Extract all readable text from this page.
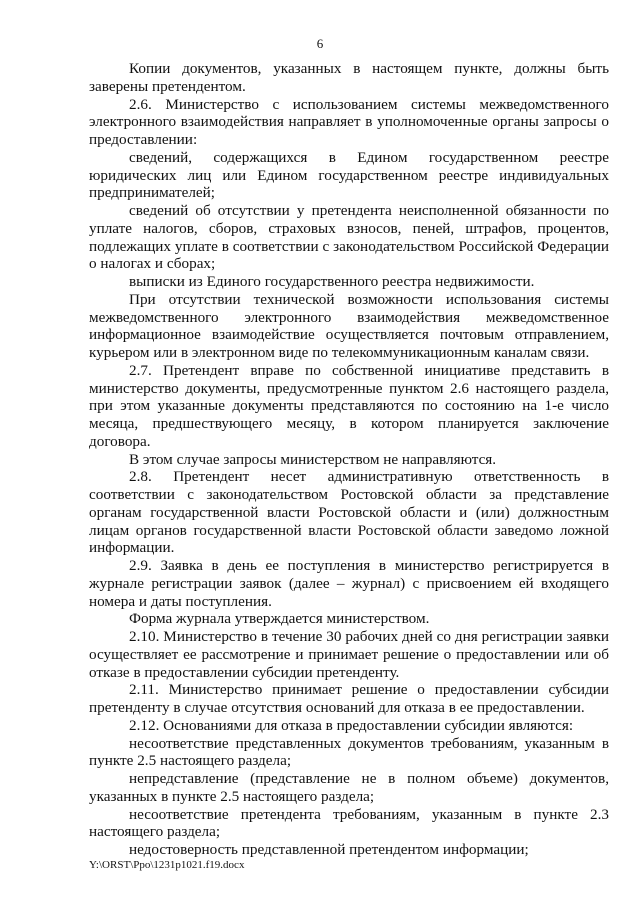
6

Копии документов, указанных в настоящем пункте, должны быть заверены претендентом.

2.6. Министерство с использованием системы межведомственного электронного взаимодействия направляет в уполномоченные органы запросы о предоставлении:

сведений, содержащихся в Едином государственном реестре юридических лиц или Едином государственном реестре индивидуальных предпринимателей;

сведений об отсутствии у претендента неисполненной обязанности по уплате налогов, сборов, страховых взносов, пеней, штрафов, процентов, подлежащих уплате в соответствии с законодательством Российской Федерации о налогах и сборах;

выписки из Единого государственного реестра недвижимости.

При отсутствии технической возможности использования системы межведомственного электронного взаимодействия межведомственное информационное взаимодействие осуществляется почтовым отправлением, курьером или в электронном виде по телекоммуникационным каналам связи.

2.7. Претендент вправе по собственной инициативе представить в министерство документы, предусмотренные пунктом 2.6 настоящего раздела, при этом указанные документы представляются по состоянию на 1-е число месяца, предшествующего месяцу, в котором планируется заключение договора.

В этом случае запросы министерством не направляются.

2.8. Претендент несет административную ответственность в соответствии с законодательством Ростовской области за представление органам государственной власти Ростовской области и (или) должностным лицам органов государственной власти Ростовской области заведомо ложной информации.

2.9. Заявка в день ее поступления в министерство регистрируется в журнале регистрации заявок (далее – журнал) с присвоением ей входящего номера и даты поступления.

Форма журнала утверждается министерством.

2.10. Министерство в течение 30 рабочих дней со дня регистрации заявки осуществляет ее рассмотрение и принимает решение о предоставлении или об отказе в предоставлении субсидии претенденту.

2.11. Министерство принимает решение о предоставлении субсидии претенденту в случае отсутствия оснований для отказа в ее предоставлении.

2.12. Основаниями для отказа в предоставлении субсидии являются:

несоответствие представленных документов требованиям, указанным в пункте 2.5 настоящего раздела;

непредставление (представление не в полном объеме) документов, указанных в пункте 2.5 настоящего раздела;

несоответствие претендента требованиям, указанным в пункте 2.3 настоящего раздела;

недостоверность представленной претендентом информации;

Y:\ORST\Ppo\1231p1021.f19.docx
